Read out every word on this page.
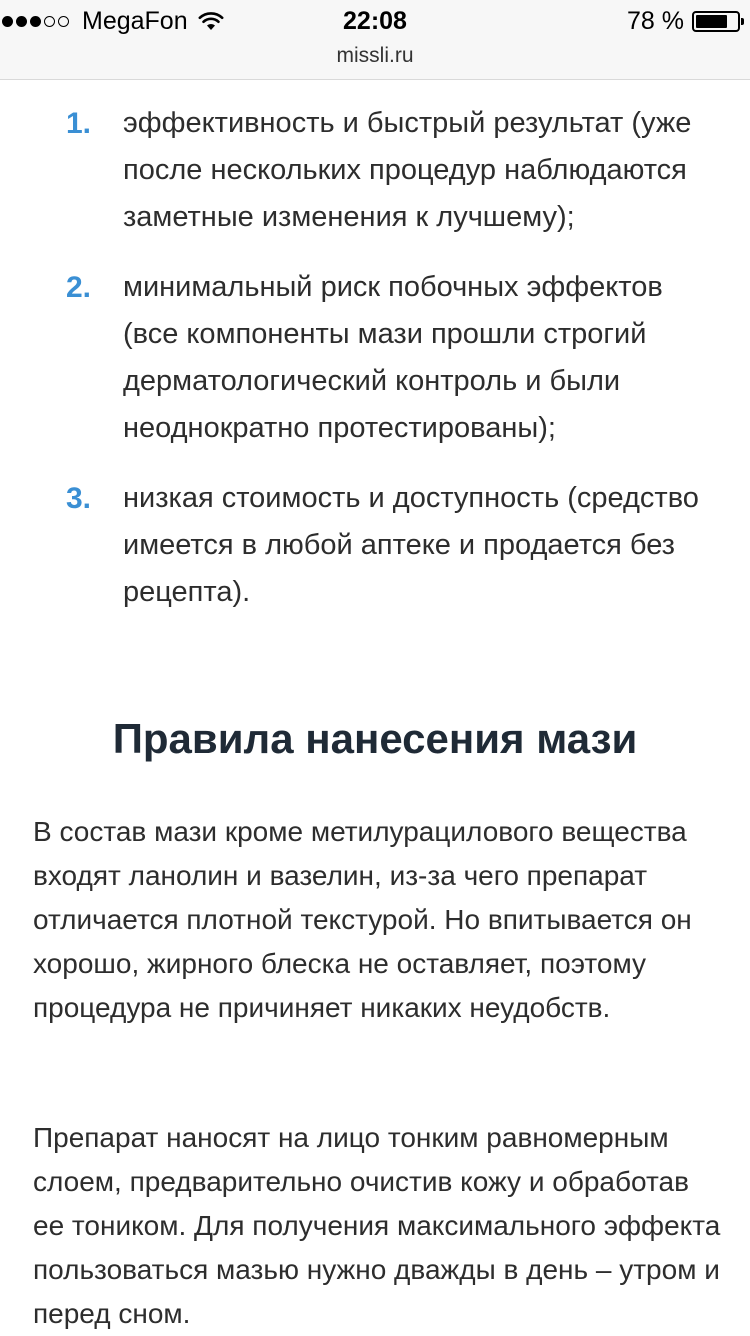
MegaFon	22:08	78 %
missli.ru
1. эффективность и быстрый результат (уже после нескольких процедур наблюдаются заметные изменения к лучшему);
2. минимальный риск побочных эффектов (все компоненты мази прошли строгий дерматологический контроль и были неоднократно протестированы);
3. низкая стоимость и доступность (средство имеется в любой аптеке и продается без рецепта).
Правила нанесения мази

В состав мази кроме метилурацилового вещества входят ланолин и вазелин, из-за чего препарат отличается плотной текстурой. Но впитывается он хорошо, жирного блеска не оставляет, поэтому процедура не причиняет никаких неудобств.

Препарат наносят на лицо тонким равномерным слоем, предварительно очистив кожу и обработав ее тоником. Для получения максимального эффекта пользоваться мазью нужно дважды в день – утром и перед сном.
